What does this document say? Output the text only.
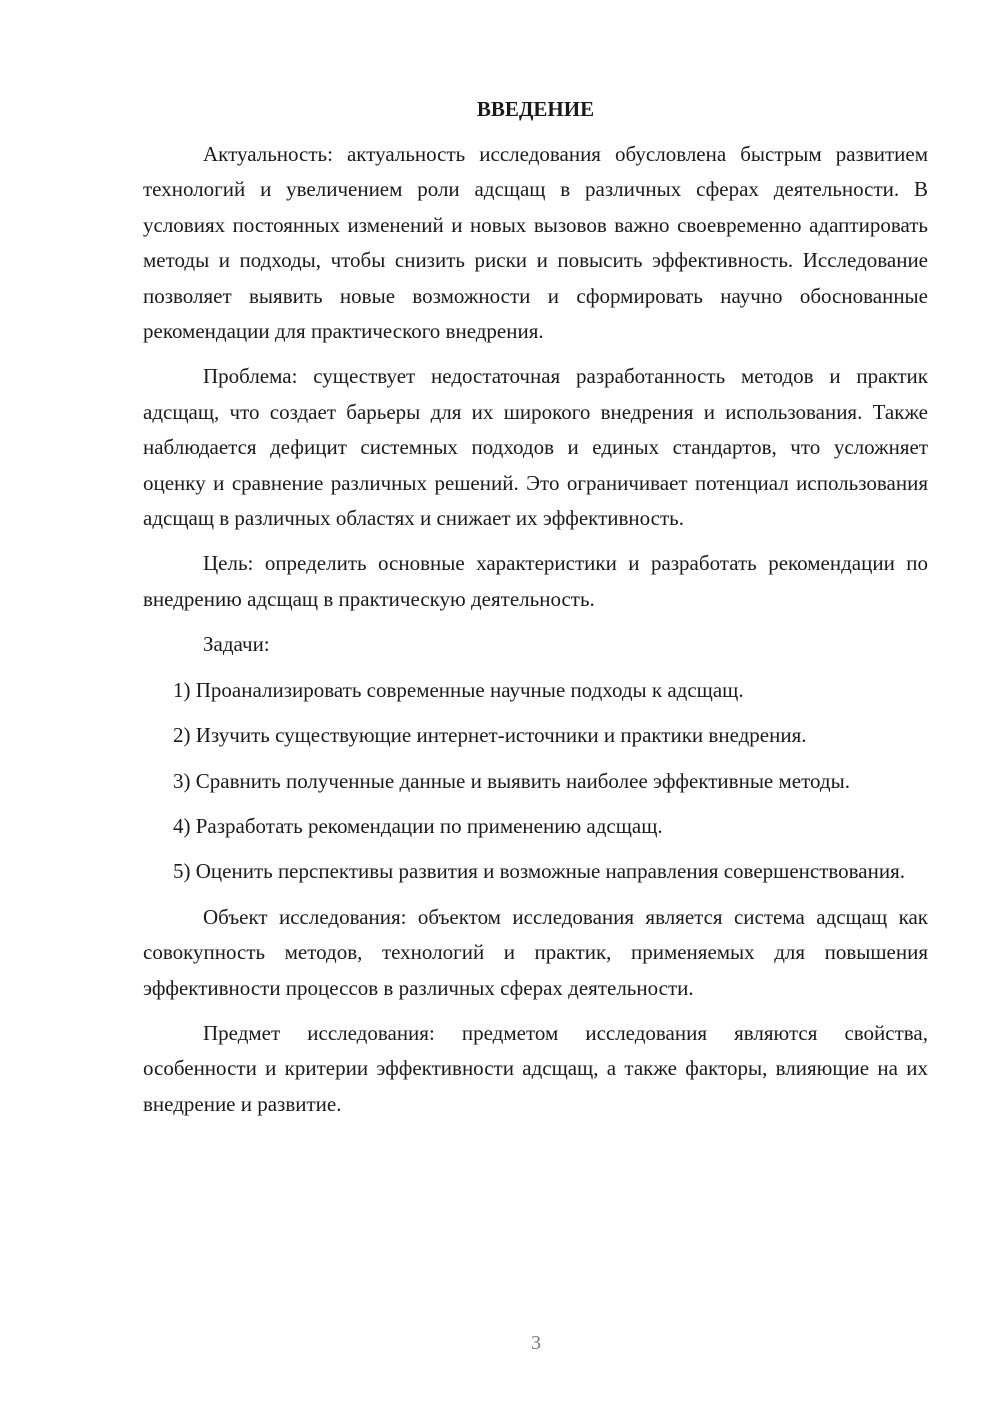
ВВЕДЕНИЕ

Актуальность: актуальность исследования обусловлена быстрым развитием технологий и увеличением роли адсщащ в различных сферах деятельности. В условиях постоянных изменений и новых вызовов важно своевременно адаптировать методы и подходы, чтобы снизить риски и повысить эффективность. Исследование позволяет выявить новые возможности и сформировать научно обоснованные рекомендации для практического внедрения.

Проблема: существует недостаточная разработанность методов и практик адсщащ, что создает барьеры для их широкого внедрения и использования. Также наблюдается дефицит системных подходов и единых стандартов, что усложняет оценку и сравнение различных решений. Это ограничивает потенциал использования адсщащ в различных областях и снижает их эффективность.

Цель: определить основные характеристики и разработать рекомендации по внедрению адсщащ в практическую деятельность.

Задачи:

1) Проанализировать современные научные подходы к адсщащ.

2) Изучить существующие интернет-источники и практики внедрения.

3) Сравнить полученные данные и выявить наиболее эффективные методы.

4) Разработать рекомендации по применению адсщащ.

5) Оценить перспективы развития и возможные направления совершенствования.

Объект исследования: объектом исследования является система адсщащ как совокупность методов, технологий и практик, применяемых для повышения эффективности процессов в различных сферах деятельности.

Предмет исследования: предметом исследования являются свойства, особенности и критерии эффективности адсщащ, а также факторы, влияющие на их внедрение и развитие.

3
